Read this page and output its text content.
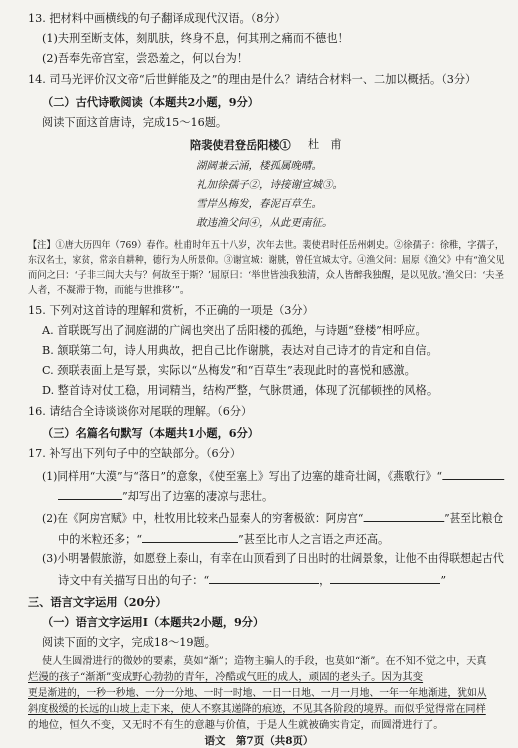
13. 把材料中画横线的句子翻译成现代汉语。（8分）
(1)夫刑至断支体，刻肌肤，终身不息，何其刑之痛而不德也！
(2)吾奉先帝宫室，尝恐羞之，何以台为！
14. 司马光评价汉文帝“后世鲜能及之”的理由是什么？请结合材料一、二加以概括。（3分）
（二）古代诗歌阅读（本题共2小题，9分）
阅读下面这首唐诗，完成15～16题。
陪裴使君登岳阳楼① 杜　甫
湖阔兼云涌，楼孤属晚晴。
礼加徐孺子②，诗接谢宣城③。
雪岸丛梅发，春泥百草生。
敢违渔父问④，从此更南征。
【注】①唐大历四年（769）春作。杜甫时年五十八岁，次年去世。裴使君时任岳州刺史。②徐孺子：徐稚，字孺子，
东汉名士，家贫，常亲自耕种，德行为人所景仰。③谢宣城：谢朓，曾任宣城太守。④渔父问：屈原《渔父》中有“渔父见
而问之曰：‘子非三闾大夫与？何故至于斯？’屈原曰：‘举世皆浊我独清，众人皆醉我独醒，是以见放。’渔父曰：‘夫圣
人者，不凝滞于物，而能与世推移’”。
15. 下列对这首诗的理解和赏析，不正确的一项是（3分）
A. 首联既写出了洞庭湖的广阔也突出了岳阳楼的孤绝，与诗题“登楼”相呼应。
B. 颔联第二句，诗人用典故，把自己比作谢朓，表达对自己诗才的肯定和自信。
C. 颈联表面上是写景，实际以“丛梅发”和“百草生”表现此时的喜悦和感激。
D. 整首诗对仗工稳，用词精当，结构严整，气脉贯通，体现了沉郁顿挫的风格。
16. 请结合全诗谈谈你对尾联的理解。（6分）
（三）名篇名句默写（本题共1小题，6分）
17. 补写出下列句子中的空缺部分。（6分）
(1)同样用“大漠”与“落日”的意象，《使至塞上》写出了边塞的雄奇壮阔，《燕歌行》“
”却写出了边塞的凄凉与悲壮。
(2)在《阿房宫赋》中，杜牧用比较来凸显秦人的穷奢极欲：阿房宫“	”甚至比粮仓
中的米粒还多；“	”甚至比市人之言语之声还高。
(3)小明暑假旅游，如愿登上泰山，有幸在山顶看到了日出时的壮阔景象，让他不由得联想起古代
诗文中有关描写日出的句子：“	，	”
三、语言文字运用（20分）
（一）语言文字运用Ⅰ（本题共2小题，9分）
阅读下面的文字，完成18～19题。
使人生圆滑进行的微妙的要素，莫如“渐”；造物主骗人的手段，也莫如“渐”。在不知不觉之中，天真
烂漫的孩子“渐渐”变成野心勃勃的青年，冷酷或气旺的成人，顽固的老头子。因为其变
更是渐进的，一秒一秒地、一分一分地、一时一时地、一日一日地、一月一月地、一年一年地渐进，犹如从
斜度极缓的长远的山坡上走下来，使人不察其递降的痕迹，不见其各阶段的境界。而似乎觉得常在同样
的地位，恒久不变，又无时不有生的意趣与价值，于是人生就被确实肯定，而圆滑进行了。
语文　第7页（共8页）
